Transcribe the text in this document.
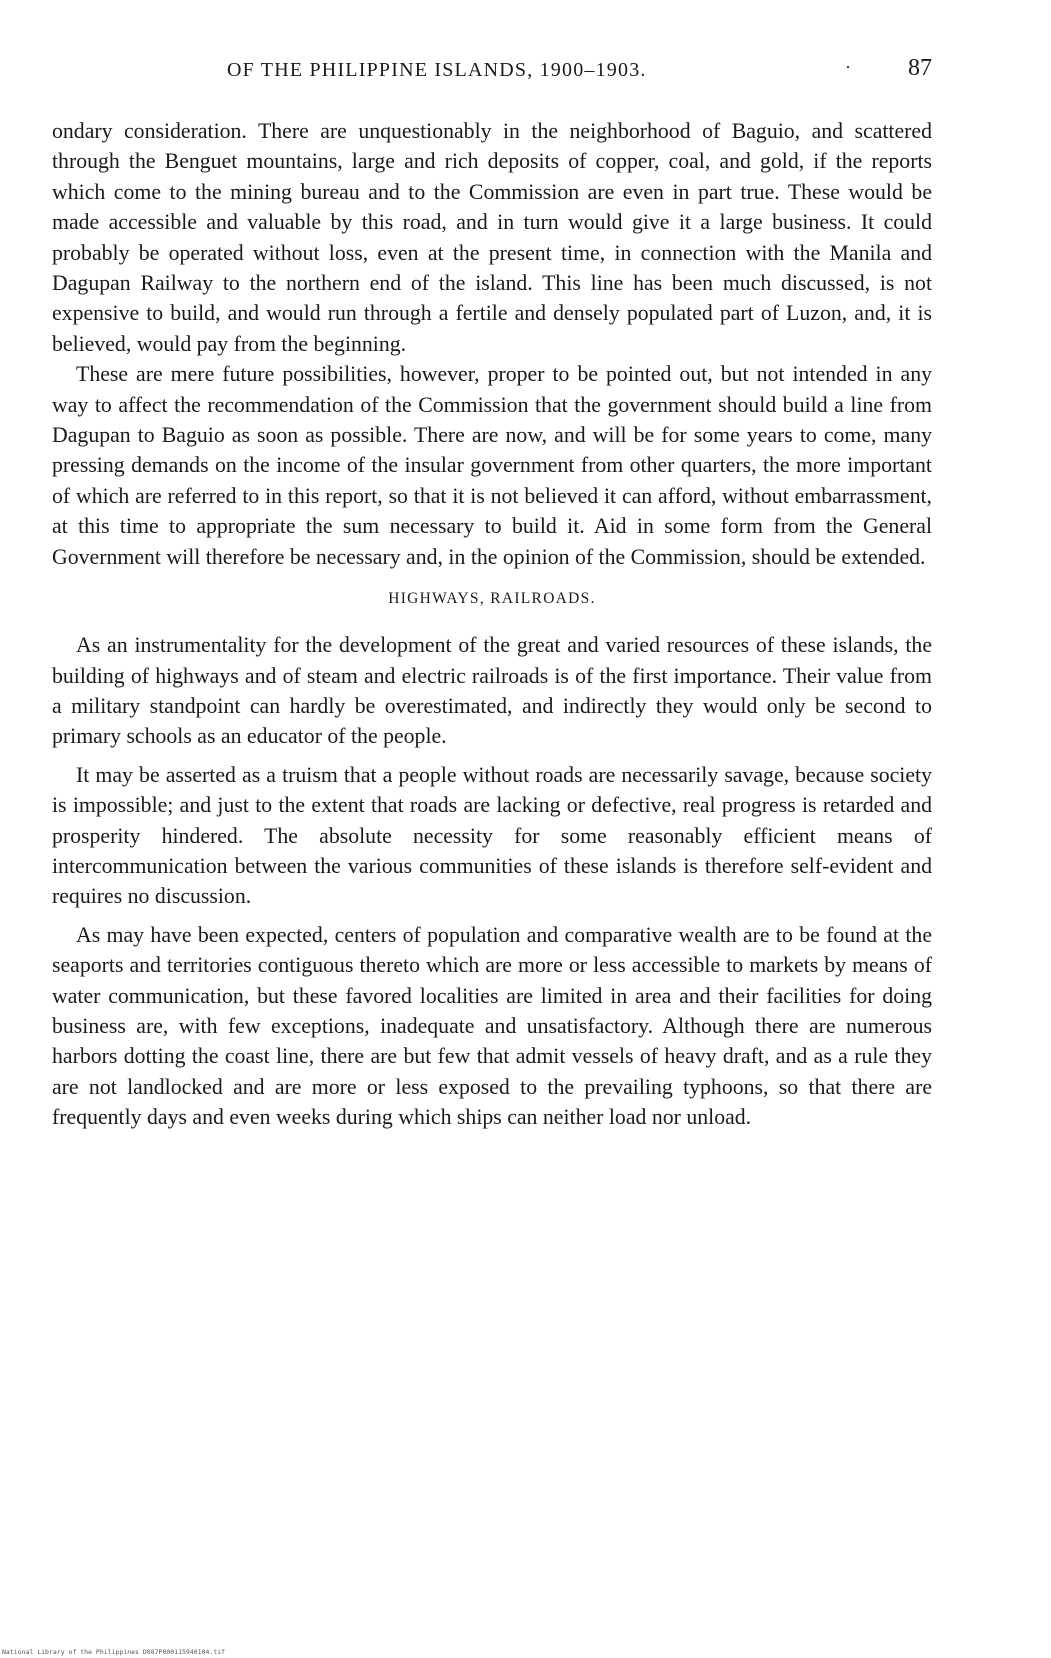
OF THE PHILIPPINE ISLANDS, 1900–1903.	· 87

ondary consideration. There are unquestionably in the neighborhood of Baguio, and scattered through the Benguet mountains, large and rich deposits of copper, coal, and gold, if the reports which come to the mining bureau and to the Commission are even in part true. These would be made accessible and valuable by this road, and in turn would give it a large business. It could probably be operated without loss, even at the present time, in connection with the Manila and Dagupan Railway to the northern end of the island. This line has been much discussed, is not expensive to build, and would run through a fertile and densely populated part of Luzon, and, it is believed, would pay from the beginning.

These are mere future possibilities, however, proper to be pointed out, but not intended in any way to affect the recommendation of the Commission that the government should build a line from Dagupan to Baguio as soon as possible. There are now, and will be for some years to come, many pressing demands on the income of the insular government from other quarters, the more important of which are referred to in this report, so that it is not believed it can afford, without embarrassment, at this time to appropriate the sum necessary to build it. Aid in some form from the General Government will therefore be necessary and, in the opinion of the Commission, should be extended.

HIGHWAYS, RAILROADS.

As an instrumentality for the development of the great and varied resources of these islands, the building of highways and of steam and electric railroads is of the first importance. Their value from a military standpoint can hardly be overestimated, and indirectly they would only be second to primary schools as an educator of the people.

It may be asserted as a truism that a people without roads are necessarily savage, because society is impossible; and just to the extent that roads are lacking or defective, real progress is retarded and prosperity hindered. The absolute necessity for some reasonably efficient means of intercommunication between the various communities of these islands is therefore self-evident and requires no discussion.

As may have been expected, centers of population and comparative wealth are to be found at the seaports and territories contiguous thereto which are more or less accessible to markets by means of water communication, but these favored localities are limited in area and their facilities for doing business are, with few exceptions, inadequate and unsatisfactory. Although there are numerous harbors dotting the coast line, there are but few that admit vessels of heavy draft, and as a rule they are not landlocked and are more or less exposed to the prevailing typhoons, so that there are frequently days and even weeks during which ships can neither load nor unload.

National Library of the Philippines D087P000115940104.tif
